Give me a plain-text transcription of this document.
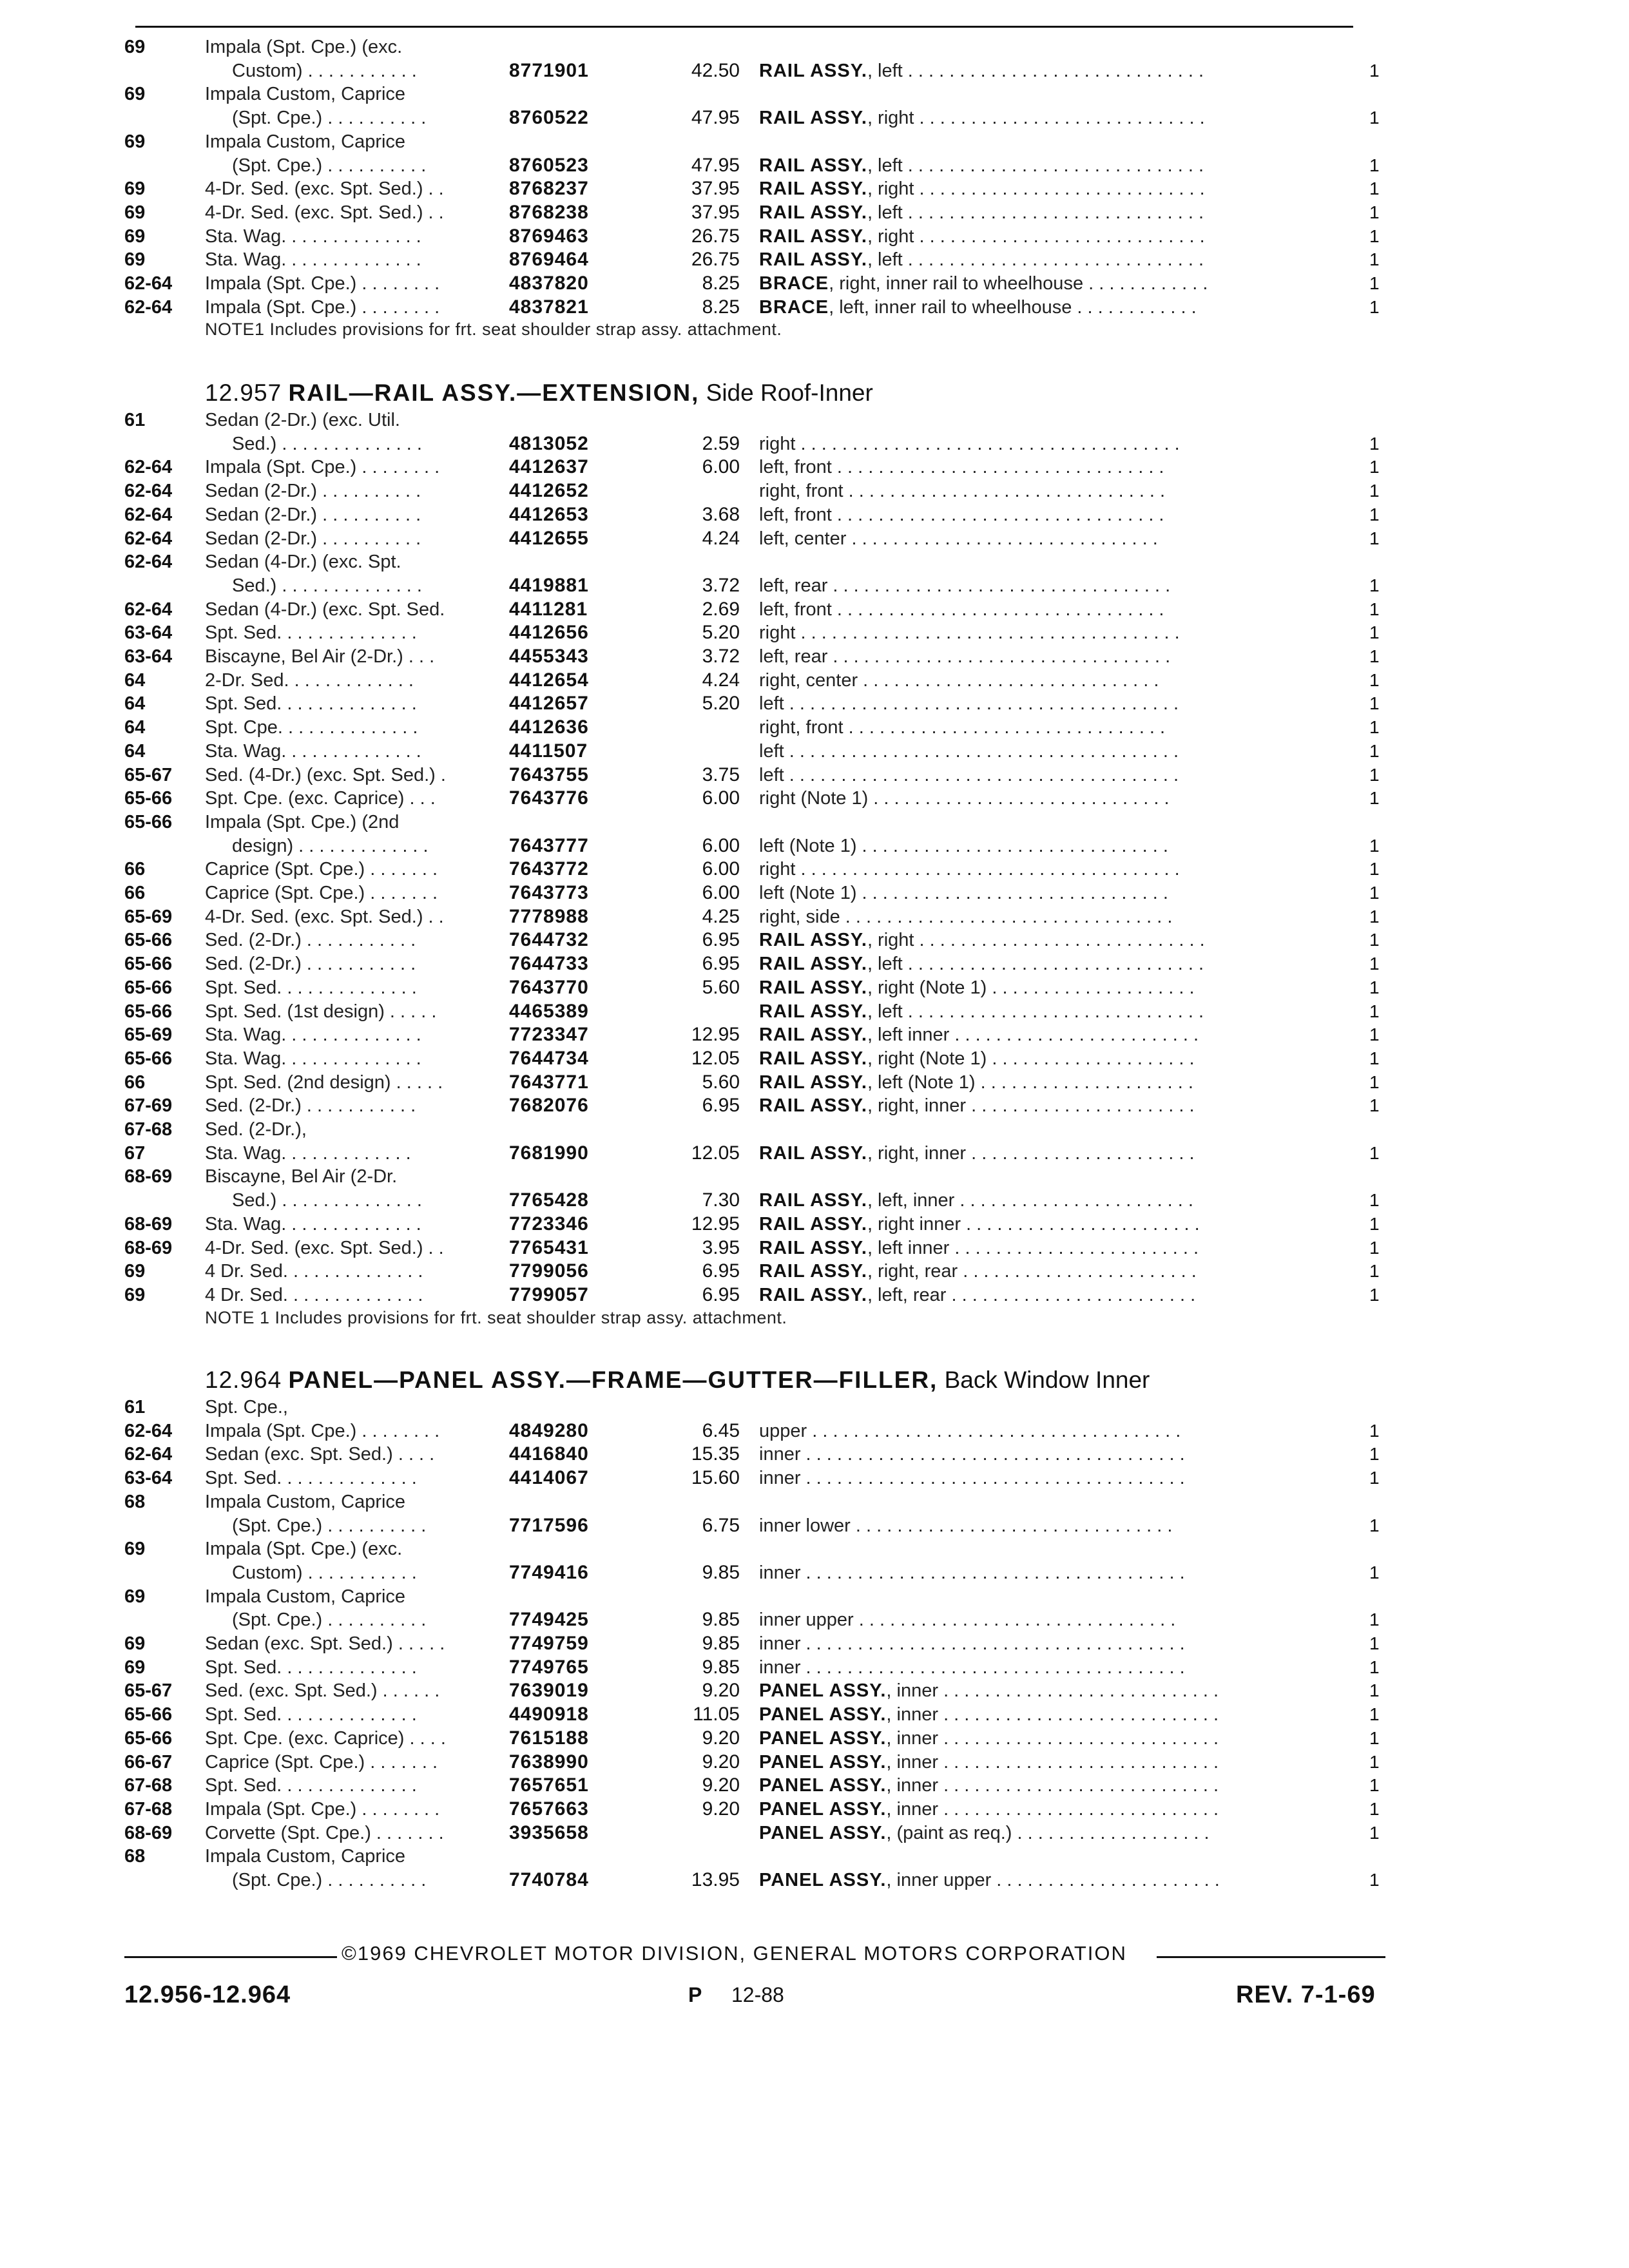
69	Impala (Spt. Cpe.) (exc.
Custom) . . . . . . . . . . .	8771901	42.50 RAIL ASSY., left . . . . . . . . . . . . . . . . . . . . . . . . . . . . .	1
69	Impala Custom, Caprice
(Spt. Cpe.) . . . . . . . . . .	8760522	47.95 RAIL ASSY., right . . . . . . . . . . . . . . . . . . . . . . . . . . . .	1
69	Impala Custom, Caprice
(Spt. Cpe.) . . . . . . . . . .	8760523	47.95 RAIL ASSY., left . . . . . . . . . . . . . . . . . . . . . . . . . . . . .	1
69	4-Dr. Sed. (exc. Spt. Sed.) . .	8768237	37.95 RAIL ASSY., right . . . . . . . . . . . . . . . . . . . . . . . . . . . .	1
69	4-Dr. Sed. (exc. Spt. Sed.) . .	8768238	37.95 RAIL ASSY., left . . . . . . . . . . . . . . . . . . . . . . . . . . . . .	1
69	Sta. Wag. . . . . . . . . . . . . .	8769463	26.75 RAIL ASSY., right . . . . . . . . . . . . . . . . . . . . . . . . . . . .	1
69	Sta. Wag. . . . . . . . . . . . . .	8769464	26.75 RAIL ASSY., left . . . . . . . . . . . . . . . . . . . . . . . . . . . . .	1
62-64 Impala (Spt. Cpe.) . . . . . . . .	4837820	8.25 BRACE, right, inner rail to wheelhouse . . . . . . . . . . . .	1
62-64 Impala (Spt. Cpe.) . . . . . . . .	4837821	8.25 BRACE, left, inner rail to wheelhouse . . . . . . . . . . . .	1
NOTE1 Includes provisions for frt. seat shoulder strap assy. attachment.
12.957 RAIL—RAIL ASSY.—EXTENSION, Side Roof-Inner
61	Sedan (2-Dr.) (exc. Util.
Sed.) . . . . . . . . . . . . . .	4813052	2.59 right . . . . . . . . . . . . . . . . . . . . . . . . . . . . . . . . . . . . .	1
62-64 Impala (Spt. Cpe.) . . . . . . . .	4412637	6.00 left, front . . . . . . . . . . . . . . . . . . . . . . . . . . . . . . . .	1
62-64 Sedan (2-Dr.) . . . . . . . . . .	4412652	right, front . . . . . . . . . . . . . . . . . . . . . . . . . . . . . . .	1
62-64 Sedan (2-Dr.) . . . . . . . . . .	4412653	3.68 left, front . . . . . . . . . . . . . . . . . . . . . . . . . . . . . . . .	1
62-64 Sedan (2-Dr.) . . . . . . . . . .	4412655	4.24 left, center . . . . . . . . . . . . . . . . . . . . . . . . . . . . . .	1
62-64 Sedan (4-Dr.) (exc. Spt.
Sed.) . . . . . . . . . . . . . .	4419881	3.72 left, rear . . . . . . . . . . . . . . . . . . . . . . . . . . . . . . . . .	1
62-64 Sedan (4-Dr.) (exc. Spt. Sed.	4411281	2.69 left, front . . . . . . . . . . . . . . . . . . . . . . . . . . . . . . . .	1
63-64 Spt. Sed. . . . . . . . . . . . . .	4412656	5.20 right . . . . . . . . . . . . . . . . . . . . . . . . . . . . . . . . . . . . .	1
63-64 Biscayne, Bel Air (2-Dr.) . . .	4455343	3.72 left, rear . . . . . . . . . . . . . . . . . . . . . . . . . . . . . . . . .	1
64	2-Dr. Sed. . . . . . . . . . . . .	4412654	4.24 right, center . . . . . . . . . . . . . . . . . . . . . . . . . . . . .	1
64	Spt. Sed. . . . . . . . . . . . . .	4412657	5.20 left . . . . . . . . . . . . . . . . . . . . . . . . . . . . . . . . . . . . . .	1
64	Spt. Cpe. . . . . . . . . . . . . .	4412636	right, front . . . . . . . . . . . . . . . . . . . . . . . . . . . . . . .	1
64	Sta. Wag. . . . . . . . . . . . . .	4411507	left . . . . . . . . . . . . . . . . . . . . . . . . . . . . . . . . . . . . . .	1
65-67 Sed. (4-Dr.) (exc. Spt. Sed.) .	7643755	3.75 left . . . . . . . . . . . . . . . . . . . . . . . . . . . . . . . . . . . . . .	1
65-66 Spt. Cpe. (exc. Caprice) . . .	7643776	6.00 right (Note 1) . . . . . . . . . . . . . . . . . . . . . . . . . . . . .	1
65-66 Impala (Spt. Cpe.) (2nd
design) . . . . . . . . . . . . .	7643777	6.00 left (Note 1) . . . . . . . . . . . . . . . . . . . . . . . . . . . . . .	1
66	Caprice (Spt. Cpe.) . . . . . . .	7643772	6.00 right . . . . . . . . . . . . . . . . . . . . . . . . . . . . . . . . . . . . .	1
66	Caprice (Spt. Cpe.) . . . . . . .	7643773	6.00 left (Note 1) . . . . . . . . . . . . . . . . . . . . . . . . . . . . . .	1
65-69 4-Dr. Sed. (exc. Spt. Sed.) . .	7778988	4.25 right, side . . . . . . . . . . . . . . . . . . . . . . . . . . . . . . . .	1
65-66 Sed. (2-Dr.) . . . . . . . . . . .	7644732	6.95 RAIL ASSY., right . . . . . . . . . . . . . . . . . . . . . . . . . . . .	1
65-66 Sed. (2-Dr.) . . . . . . . . . . .	7644733	6.95 RAIL ASSY., left . . . . . . . . . . . . . . . . . . . . . . . . . . . . .	1
65-66 Spt. Sed. . . . . . . . . . . . . .	7643770	5.60 RAIL ASSY., right (Note 1) . . . . . . . . . . . . . . . . . . . .	1
65-66 Spt. Sed. (1st design) . . . . .	4465389	RAIL ASSY., left . . . . . . . . . . . . . . . . . . . . . . . . . . . . .	1
65-69 Sta. Wag. . . . . . . . . . . . . .	7723347	12.95 RAIL ASSY., left inner . . . . . . . . . . . . . . . . . . . . . . . .	1
65-66 Sta. Wag. . . . . . . . . . . . . .	7644734	12.05 RAIL ASSY., right (Note 1) . . . . . . . . . . . . . . . . . . . .	1
66	Spt. Sed. (2nd design) . . . . .	7643771	5.60 RAIL ASSY., left (Note 1) . . . . . . . . . . . . . . . . . . . . .	1
67-69 Sed. (2-Dr.) . . . . . . . . . . .	7682076	6.95 RAIL ASSY., right, inner . . . . . . . . . . . . . . . . . . . . . .	1
67-68 Sed. (2-Dr.),
67	Sta. Wag. . . . . . . . . . . . .	7681990	12.05 RAIL ASSY., right, inner . . . . . . . . . . . . . . . . . . . . . .	1
68-69 Biscayne, Bel Air (2-Dr.
Sed.) . . . . . . . . . . . . . .	7765428	7.30 RAIL ASSY., left, inner . . . . . . . . . . . . . . . . . . . . . . .	1
68-69 Sta. Wag. . . . . . . . . . . . . .	7723346	12.95 RAIL ASSY., right inner . . . . . . . . . . . . . . . . . . . . . . .	1
68-69 4-Dr. Sed. (exc. Spt. Sed.) . .	7765431	3.95 RAIL ASSY., left inner . . . . . . . . . . . . . . . . . . . . . . . .	1
69	4 Dr. Sed. . . . . . . . . . . . . .	7799056	6.95 RAIL ASSY., right, rear . . . . . . . . . . . . . . . . . . . . . . .	1
69	4 Dr. Sed. . . . . . . . . . . . . .	7799057	6.95 RAIL ASSY., left, rear . . . . . . . . . . . . . . . . . . . . . . . .	1
NOTE 1 Includes provisions for frt. seat shoulder strap assy. attachment.
12.964 PANEL—PANEL ASSY.—FRAME—GUTTER—FILLER, Back Window Inner
61	Spt. Cpe.,
62-64 Impala (Spt. Cpe.) . . . . . . . .	4849280	6.45 upper . . . . . . . . . . . . . . . . . . . . . . . . . . . . . . . . . . . .	1
62-64 Sedan (exc. Spt. Sed.) . . . .	4416840	15.35 inner . . . . . . . . . . . . . . . . . . . . . . . . . . . . . . . . . . . . .	1
63-64 Spt. Sed. . . . . . . . . . . . . .	4414067	15.60 inner . . . . . . . . . . . . . . . . . . . . . . . . . . . . . . . . . . . . .	1
68	Impala Custom, Caprice
(Spt. Cpe.) . . . . . . . . . .	7717596	6.75 inner lower . . . . . . . . . . . . . . . . . . . . . . . . . . . . . . .	1
69	Impala (Spt. Cpe.) (exc.
Custom) . . . . . . . . . . .	7749416	9.85 inner . . . . . . . . . . . . . . . . . . . . . . . . . . . . . . . . . . . . .	1
69	Impala Custom, Caprice
(Spt. Cpe.) . . . . . . . . . .	7749425	9.85 inner upper . . . . . . . . . . . . . . . . . . . . . . . . . . . . . . .	1
69	Sedan (exc. Spt. Sed.) . . . . .	7749759	9.85 inner . . . . . . . . . . . . . . . . . . . . . . . . . . . . . . . . . . . . .	1
69	Spt. Sed. . . . . . . . . . . . . .	7749765	9.85 inner . . . . . . . . . . . . . . . . . . . . . . . . . . . . . . . . . . . . .	1
65-67 Sed. (exc. Spt. Sed.) . . . . . .	7639019	9.20 PANEL ASSY., inner . . . . . . . . . . . . . . . . . . . . . . . . . . .	1
65-66 Spt. Sed. . . . . . . . . . . . . .	4490918	11.05 PANEL ASSY., inner . . . . . . . . . . . . . . . . . . . . . . . . . . .	1
65-66 Spt. Cpe. (exc. Caprice) . . . .	7615188	9.20 PANEL ASSY., inner . . . . . . . . . . . . . . . . . . . . . . . . . . .	1
66-67 Caprice (Spt. Cpe.) . . . . . . .	7638990	9.20 PANEL ASSY., inner . . . . . . . . . . . . . . . . . . . . . . . . . . .	1
67-68 Spt. Sed. . . . . . . . . . . . . .	7657651	9.20 PANEL ASSY., inner . . . . . . . . . . . . . . . . . . . . . . . . . . .	1
67-68 Impala (Spt. Cpe.) . . . . . . . .	7657663	9.20 PANEL ASSY., inner . . . . . . . . . . . . . . . . . . . . . . . . . . .	1
68-69 Corvette (Spt. Cpe.) . . . . . . .	3935658	PANEL ASSY., (paint as req.) . . . . . . . . . . . . . . . . . . .	1
68	Impala Custom, Caprice
(Spt. Cpe.) . . . . . . . . . .	7740784	13.95 PANEL ASSY., inner upper . . . . . . . . . . . . . . . . . . . . . .	1
©1969 CHEVROLET MOTOR DIVISION, GENERAL MOTORS CORPORATION
12.956-12.964	P 12-88	REV. 7-1-69
